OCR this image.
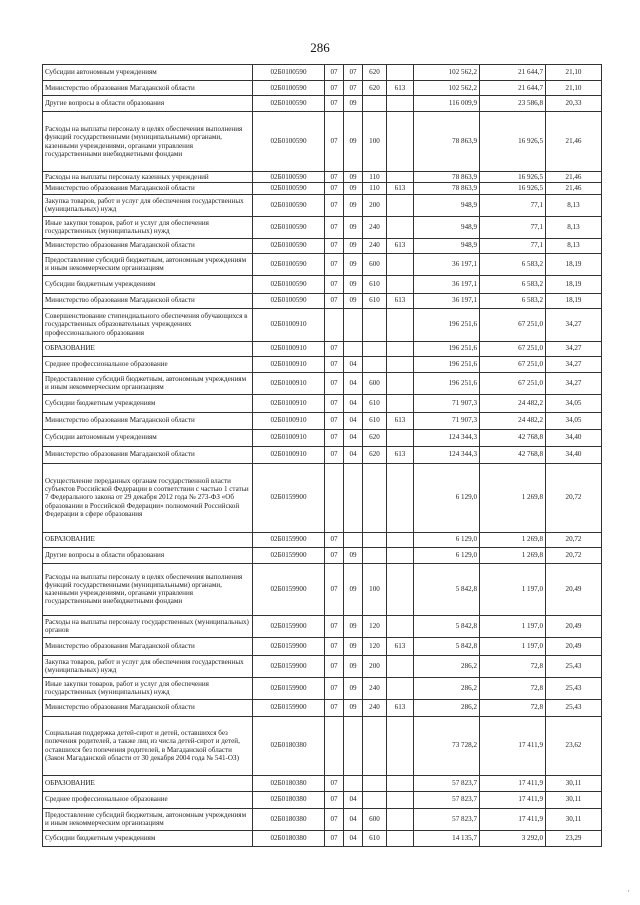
286
Субсидии автономным учреждениям	02Б0100590	07	07	620		102 562,2	21 644,7	21,10
Министерство образования Магаданской области	02Б0100590	07	07	620	613	102 562,2	21 644,7	21,10
Другие вопросы в области образования	02Б0100590	07	09			116 009,9	23 586,8	20,33
Расходы на выплаты персоналу в целях обеспечения выполнения функций государственными (муниципальными) органами, казенными учреждениями, органами управления государственными внебюджетными фондами	02Б0100590	07	09	100		78 863,9	16 926,5	21,46
Расходы на выплаты персоналу казенных учреждений	02Б0100590	07	09	110		78 863,9	16 926,5	21,46
Министерство образования Магаданской области	02Б0100590	07	09	110	613	78 863,9	16 926,5	21,46
Закупка товаров, работ и услуг для обеспечения государственных (муниципальных) нужд	02Б0100590	07	09	200		948,9	77,1	8,13
Иные закупки товаров, работ и услуг для обеспечения государственных (муниципальных) нужд	02Б0100590	07	09	240		948,9	77,1	8,13
Министерство образования Магаданской области	02Б0100590	07	09	240	613	948,9	77,1	8,13
Предоставление субсидий бюджетным, автономным учреждениям и иным некоммерческим организациям	02Б0100590	07	09	600		36 197,1	6 583,2	18,19
Субсидии бюджетным учреждениям	02Б0100590	07	09	610		36 197,1	6 583,2	18,19
Министерство образования Магаданской области	02Б0100590	07	09	610	613	36 197,1	6 583,2	18,19
Совершенствование стипендиального обеспечения обучающихся в государственных образовательных учреждениях профессионального образования	02Б0100910					196 251,6	67 251,0	34,27
ОБРАЗОВАНИЕ	02Б0100910	07				196 251,6	67 251,0	34,27
Среднее профессиональное образование	02Б0100910	07	04			196 251,6	67 251,0	34,27
Предоставление субсидий бюджетным, автономным учреждениям и иным некоммерческим организациям	02Б0100910	07	04	600		196 251,6	67 251,0	34,27
Субсидии бюджетным учреждениям	02Б0100910	07	04	610		71 907,3	24 482,2	34,05
Министерство образования Магаданской области	02Б0100910	07	04	610	613	71 907,3	24 482,2	34,05
Субсидии автономным учреждениям	02Б0100910	07	04	620		124 344,3	42 768,8	34,40
Министерство образования Магаданской области	02Б0100910	07	04	620	613	124 344,3	42 768,8	34,40
Осуществление переданных органам государственной власти субъектов Российской Федерации в соответствии с частью 1 статьи 7 Федерального закона от 29 декабря 2012 года № 273-ФЗ «Об образовании в Российской Федерации» полномочий Российской Федерации в сфере образования	02Б0159900					6 129,0	1 269,8	20,72
ОБРАЗОВАНИЕ	02Б0159900	07				6 129,0	1 269,8	20,72
Другие вопросы в области образования	02Б0159900	07	09			6 129,0	1 269,8	20,72
Расходы на выплаты персоналу в целях обеспечения выполнения функций государственными (муниципальными) органами, казенными учреждениями, органами управления государственными внебюджетными фондами	02Б0159900	07	09	100		5 842,8	1 197,0	20,49
Расходы на выплаты персоналу государственных (муниципальных) органов	02Б0159900	07	09	120		5 842,8	1 197,0	20,49
Министерство образования Магаданской области	02Б0159900	07	09	120	613	5 842,8	1 197,0	20,49
Закупка товаров, работ и услуг для обеспечения государственных (муниципальных) нужд	02Б0159900	07	09	200		286,2	72,8	25,43
Иные закупки товаров, работ и услуг для обеспечения государственных (муниципальных) нужд	02Б0159900	07	09	240		286,2	72,8	25,43
Министерство образования Магаданской области	02Б0159900	07	09	240	613	286,2	72,8	25,43
Социальная поддержка детей-сирот и детей, оставшихся без попечения родителей, а также лиц из числа детей-сирот и детей, оставшихся без попечения родителей, в Магаданской области (Закон Магаданской области от 30 декабря 2004 года № 541-ОЗ)	02Б0180380					73 728,2	17 411,9	23,62
ОБРАЗОВАНИЕ	02Б0180380	07				57 823,7	17 411,9	30,11
Среднее профессиональное образование	02Б0180380	07	04			57 823,7	17 411,9	30,11
Предоставление субсидий бюджетным, автономным учреждениям и иным некоммерческим организациям	02Б0180380	07	04	600		57 823,7	17 411,9	30,11
Субсидии бюджетным учреждениям	02Б0180380	07	04	610		14 135,7	3 292,0	23,29
·
